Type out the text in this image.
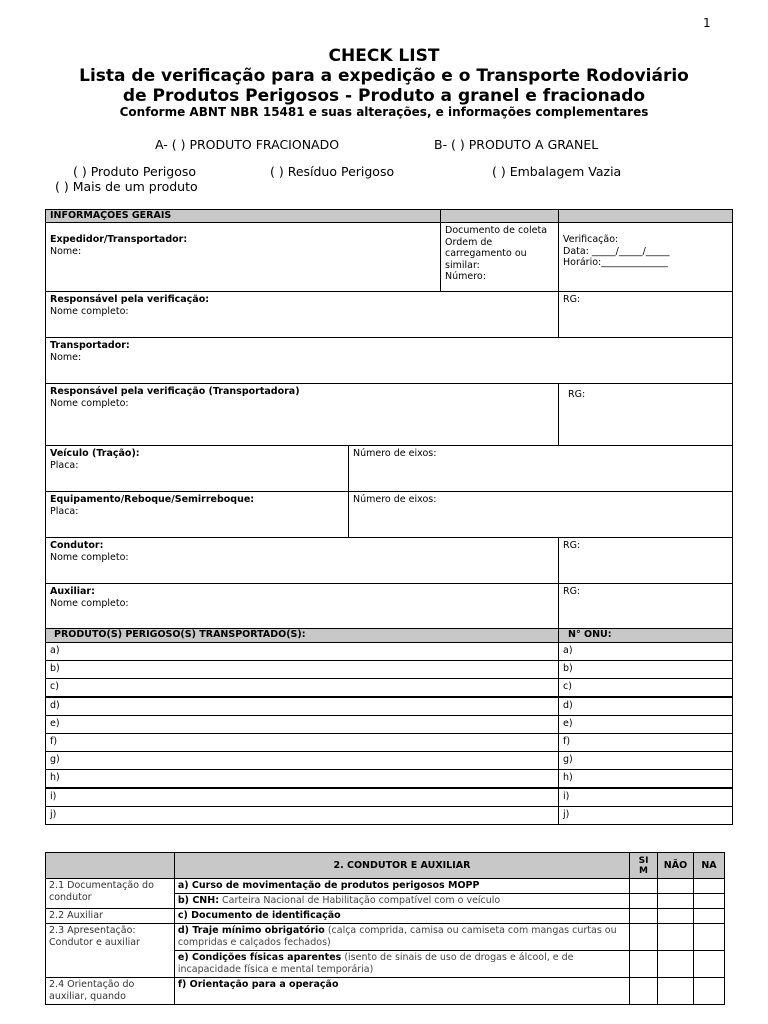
1
CHECK LIST
Lista de verificação para a expedição e o Transporte Rodoviário
de Produtos Perigosos - Produto a granel e fracionado
Conforme ABNT NBR 15481 e suas alterações, e informações complementares
A- ( ) PRODUTO FRACIONADO	B- ( ) PRODUTO A GRANEL
( ) Produto Perigoso	( ) Resíduo Perigoso	( ) Embalagem Vazia
( ) Mais de um produto
INFORMAÇÕES GERAIS
Expedidor/Transportador:
Nome:
Documento de coleta Ordem de carregamento ou similar:
Número:
Verificação:
Data: _____/_____/_____
Horário:______________
Responsável pela verificação:
Nome completo:
RG:
Transportador:
Nome:
Responsável pela verificação (Transportadora)
Nome completo:
RG:
Veículo (Tração):
Placa:
Número de eixos:
Equipamento/Reboque/Semirreboque:
Placa:
Número de eixos:
Condutor:
Nome completo:
RG:
Auxiliar:
Nome completo:
RG:
PRODUTO(S) PERIGOSO(S) TRANSPORTADO(S):	N° ONU:
a)	a)
b)	b)
c)	c)
d)	d)
e)	e)
f)	f)
g)	g)
h)	h)
i)	i)
j)	j)
	2. CONDUTOR E AUXILIAR	SI M	NÃO	NA
2.1 Documentação do condutor	a) Curso de movimentação de produtos perigosos MOPP			
	b) CNH: Carteira Nacional de Habilitação compatível com o veículo			
2.2 Auxiliar	c) Documento de identificação			
2.3 Apresentação: Condutor e auxiliar	d) Traje mínimo obrigatório (calça comprida, camisa ou camiseta com mangas curtas ou compridas e calçados fechados)			
	e) Condições físicas aparentes (isento de sinais de uso de drogas e álcool, e de incapacidade física e mental temporária)			
2.4 Orientação do auxiliar, quando	f) Orientação para a operação			
